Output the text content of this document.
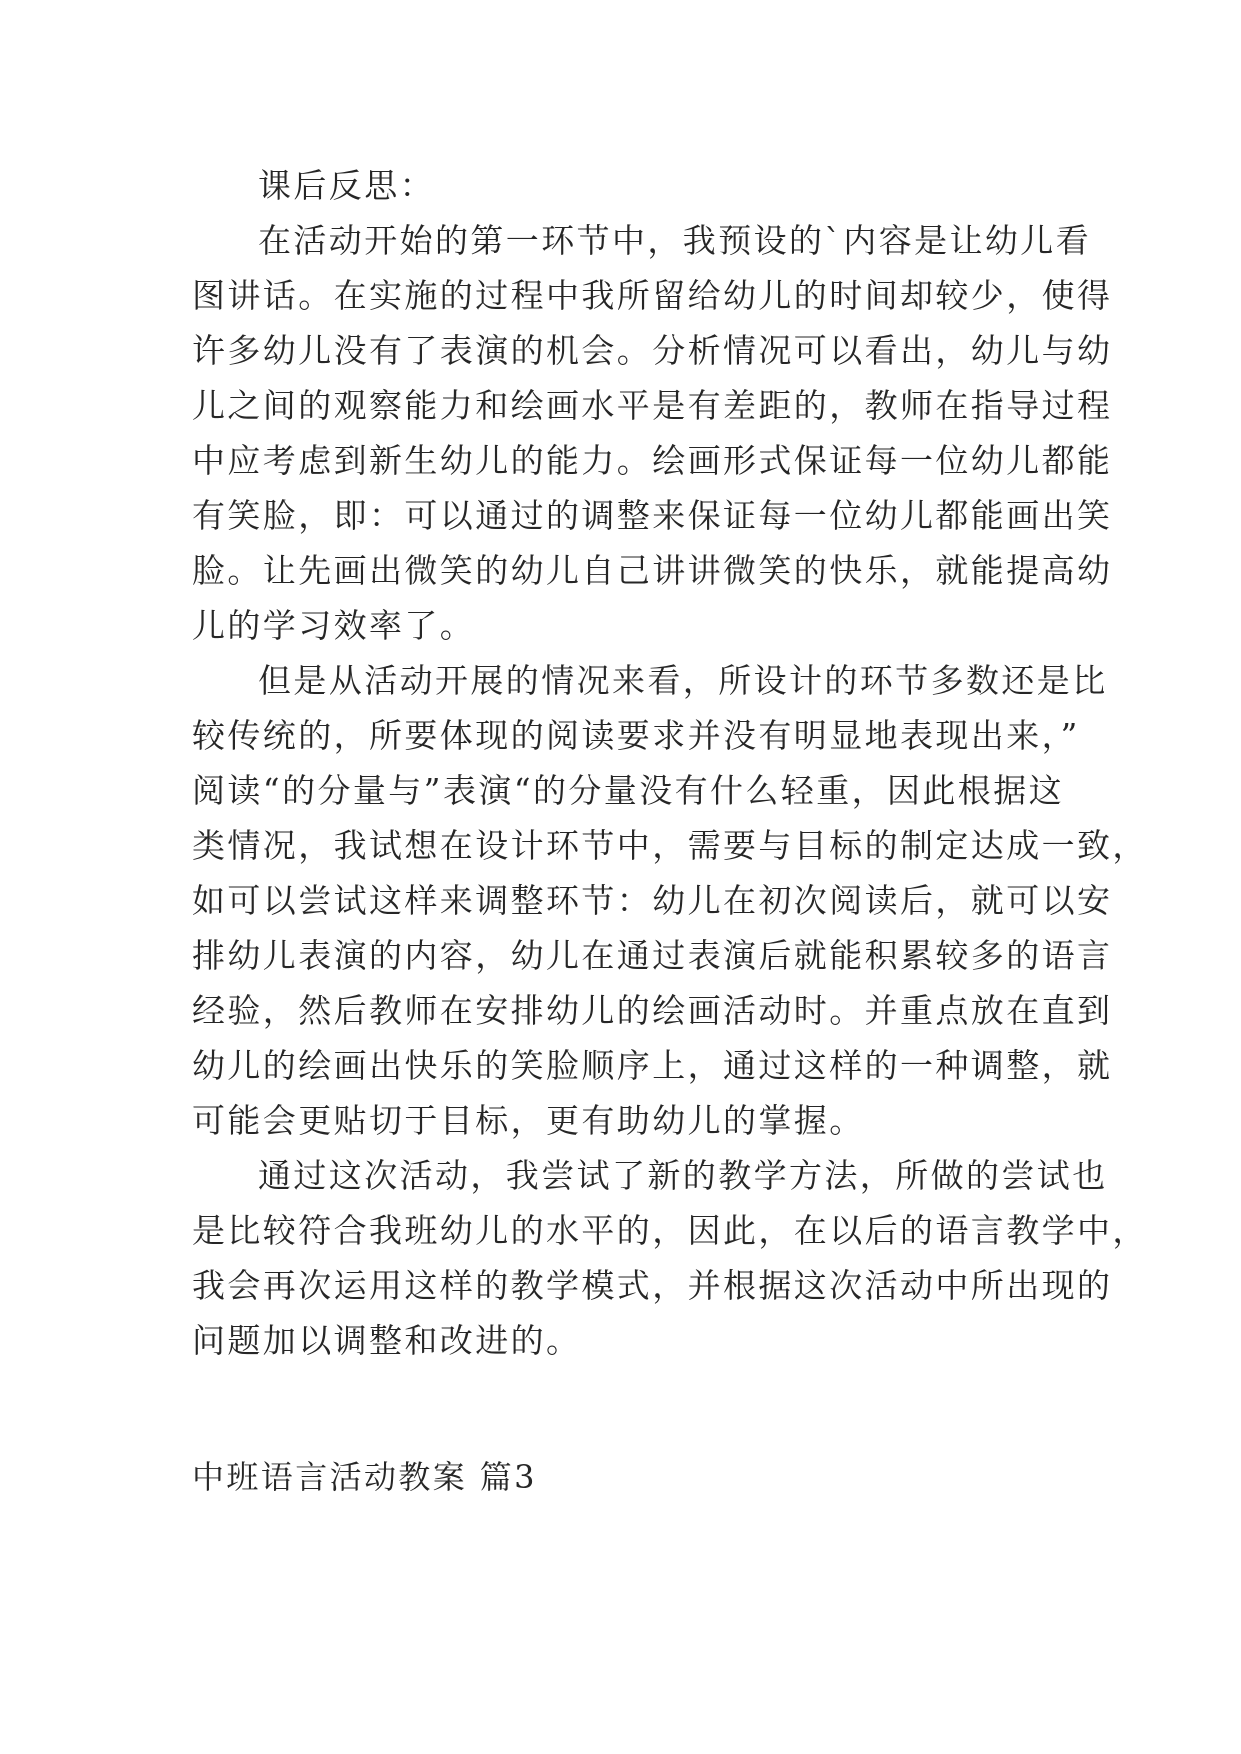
课后反思：
在活动开始的第一环节中，我预设的`内容是让幼儿看
图讲话。在实施的过程中我所留给幼儿的时间却较少，使得
许多幼儿没有了表演的机会。分析情况可以看出，幼儿与幼
儿之间的观察能力和绘画水平是有差距的，教师在指导过程
中应考虑到新生幼儿的能力。绘画形式保证每一位幼儿都能
有笑脸，即：可以通过的调整来保证每一位幼儿都能画出笑
脸。让先画出微笑的幼儿自己讲讲微笑的快乐，就能提高幼
儿的学习效率了。
但是从活动开展的情况来看，所设计的环节多数还是比
较传统的，所要体现的阅读要求并没有明显地表现出来，”
阅读“的分量与”表演“的分量没有什么轻重，因此根据这
类情况，我试想在设计环节中，需要与目标的制定达成一致，
如可以尝试这样来调整环节：幼儿在初次阅读后，就可以安
排幼儿表演的内容，幼儿在通过表演后就能积累较多的语言
经验，然后教师在安排幼儿的绘画活动时。并重点放在直到
幼儿的绘画出快乐的笑脸顺序上，通过这样的一种调整，就
可能会更贴切于目标，更有助幼儿的掌握。
通过这次活动，我尝试了新的教学方法，所做的尝试也
是比较符合我班幼儿的水平的，因此，在以后的语言教学中，
我会再次运用这样的教学模式，并根据这次活动中所出现的
问题加以调整和改进的。
中班语言活动教案 篇3
